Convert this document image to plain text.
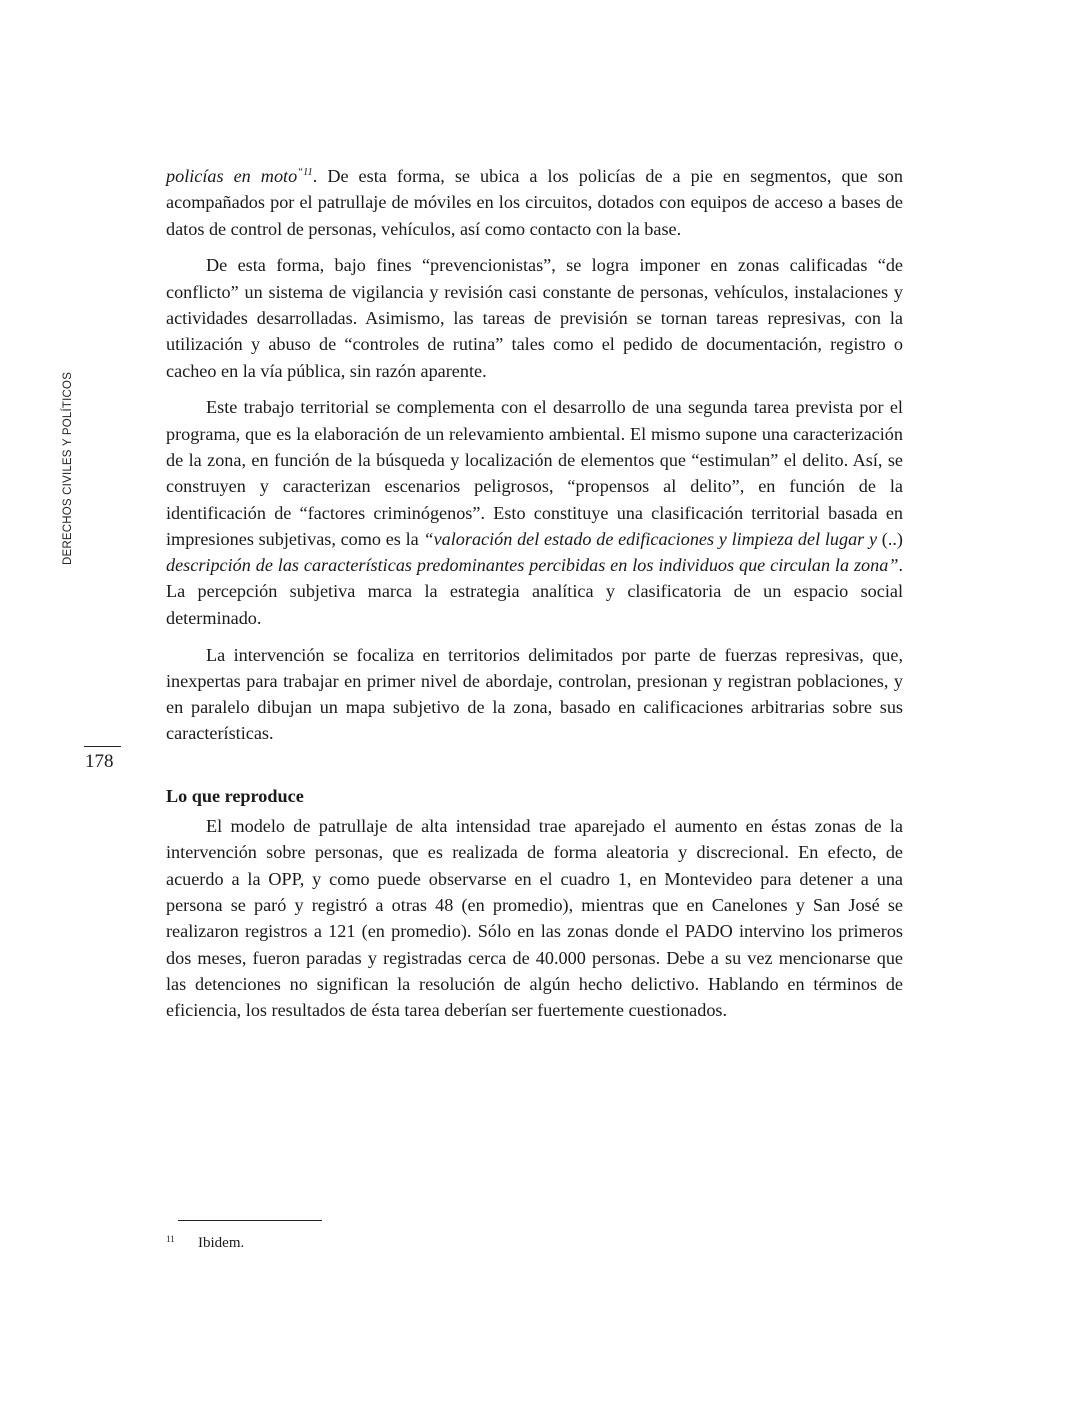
DERECHOS CIVILES Y POLÍTICOS
178

policías en moto$^{“11}$. De esta forma, se ubica a los policías de a pie en segmentos, que son acompañados por el patrullaje de móviles en los circuitos, dotados con equipos de acceso a bases de datos de control de personas, vehículos, así como contacto con la base.

De esta forma, bajo fines “prevencionistas”, se logra imponer en zonas calificadas “de conflicto” un sistema de vigilancia y revisión casi constante de personas, vehículos, instalaciones y actividades desarrolladas. Asimismo, las tareas de previsión se tornan tareas represivas, con la utilización y abuso de “controles de rutina” tales como el pedido de documentación, registro o cacheo en la vía pública, sin razón aparente.

Este trabajo territorial se complementa con el desarrollo de una segunda tarea prevista por el programa, que es la elaboración de un relevamiento ambiental. El mismo supone una caracterización de la zona, en función de la búsqueda y localización de elementos que “estimulan” el delito. Así, se construyen y caracterizan escenarios peligrosos, “propensos al delito”, en función de la identificación de “factores criminógenos”. Esto constituye una clasificación territorial basada en impresiones subjetivas, como es la “valoración del estado de edificaciones y limpieza del lugar y (..) descripción de las características predominantes percibidas en los individuos que circulan la zona”. La percepción subjetiva marca la estrategia analítica y clasificatoria de un espacio social determinado.

La intervención se focaliza en territorios delimitados por parte de fuerzas represivas, que, inexpertas para trabajar en primer nivel de abordaje, controlan, presionan y registran poblaciones, y en paralelo dibujan un mapa subjetivo de la zona, basado en calificaciones arbitrarias sobre sus características.

Lo que reproduce

El modelo de patrullaje de alta intensidad trae aparejado el aumento en éstas zonas de la intervención sobre personas, que es realizada de forma aleatoria y discrecional. En efecto, de acuerdo a la OPP, y como puede observarse en el cuadro 1, en Montevideo para detener a una persona se paró y registró a otras 48 (en promedio), mientras que en Canelones y San José se realizaron registros a 121 (en promedio). Sólo en las zonas donde el PADO intervino los primeros dos meses, fueron paradas y registradas cerca de 40.000 personas. Debe a su vez mencionarse que las detenciones no significan la resolución de algún hecho delictivo. Hablando en términos de eficiencia, los resultados de ésta tarea deberían ser fuertemente cuestionados.

11 Ibidem.
